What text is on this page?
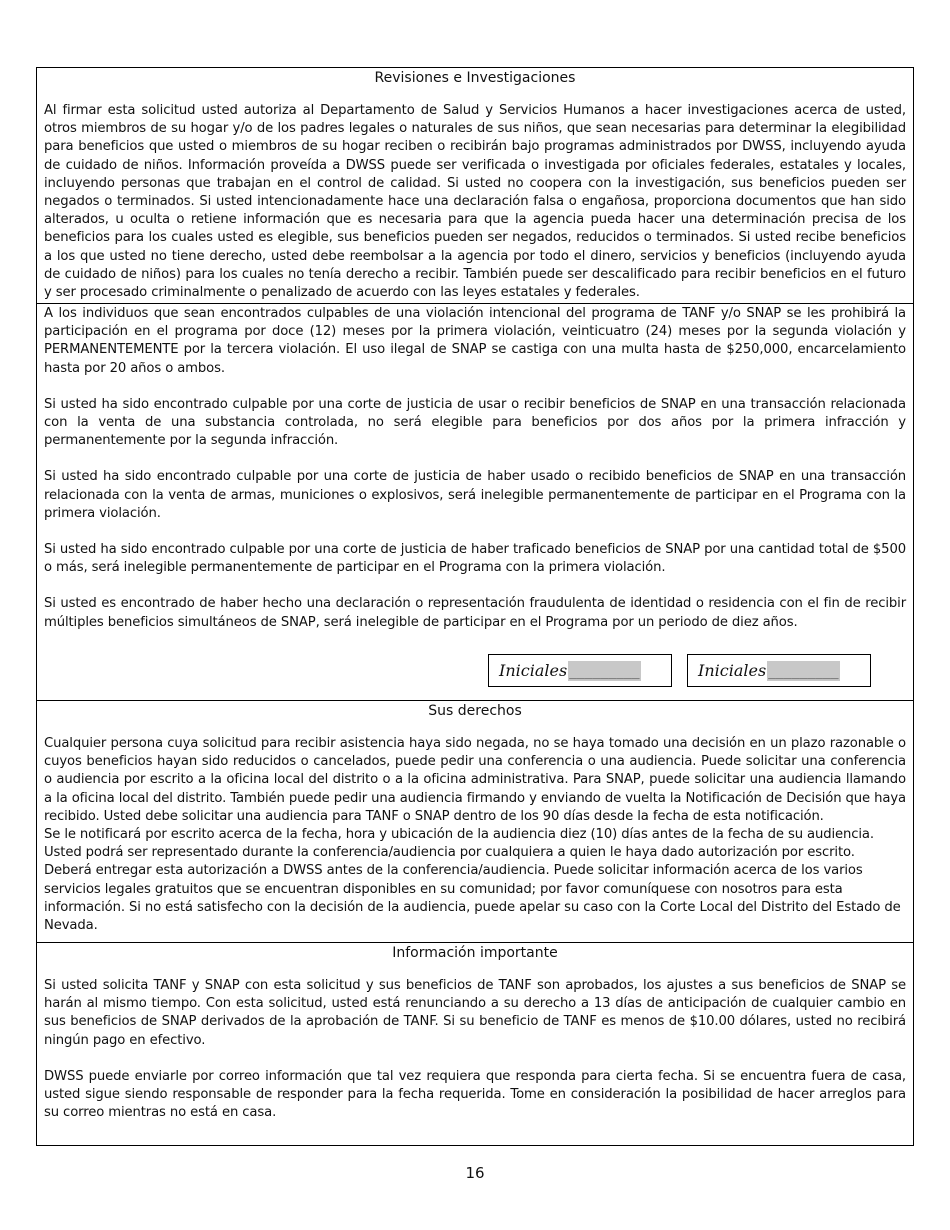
Revisiones e Investigaciones

Al firmar esta solicitud usted autoriza al Departamento de Salud y Servicios Humanos a hacer investigaciones acerca de usted, otros miembros de su hogar y/o de los padres legales o naturales de sus niños, que sean necesarias para determinar la elegibilidad para beneficios que usted o miembros de su hogar reciben o recibirán bajo programas administrados por DWSS, incluyendo ayuda de cuidado de niños. Información proveída a DWSS puede ser verificada o investigada por oficiales federales, estatales y locales, incluyendo personas que trabajan en el control de calidad. Si usted no coopera con la investigación, sus beneficios pueden ser negados o terminados. Si usted intencionadamente hace una declaración falsa o engañosa, proporciona documentos que han sido alterados, u oculta o retiene información que es necesaria para que la agencia pueda hacer una determinación precisa de los beneficios para los cuales usted es elegible, sus beneficios pueden ser negados, reducidos o terminados. Si usted recibe beneficios a los que usted no tiene derecho, usted debe reembolsar a la agencia por todo el dinero, servicios y beneficios (incluyendo ayuda de cuidado de niños) para los cuales no tenía derecho a recibir. También puede ser descalificado para recibir beneficios en el futuro y ser procesado criminalmente o penalizado de acuerdo con las leyes estatales y federales.

A los individuos que sean encontrados culpables de una violación intencional del programa de TANF y/o SNAP se les prohibirá la participación en el programa por doce (12) meses por la primera violación, veinticuatro (24) meses por la segunda violación y PERMANENTEMENTE por la tercera violación. El uso ilegal de SNAP se castiga con una multa hasta de $250,000, encarcelamiento hasta por 20 años o ambos.

Si usted ha sido encontrado culpable por una corte de justicia de usar o recibir beneficios de SNAP en una transacción relacionada con la venta de una substancia controlada, no será elegible para beneficios por dos años por la primera infracción y permanentemente por la segunda infracción.

Si usted ha sido encontrado culpable por una corte de justicia de haber usado o recibido beneficios de SNAP en una transacción relacionada con la venta de armas, municiones o explosivos, será inelegible permanentemente de participar en el Programa con la primera violación.

Si usted ha sido encontrado culpable por una corte de justicia de haber traficado beneficios de SNAP por una cantidad total de $500 o más, será inelegible permanentemente de participar en el Programa con la primera violación.

Si usted es encontrado de haber hecho una declaración o representación fraudulenta de identidad o residencia con el fin de recibir múltiples beneficios simultáneos de SNAP, será inelegible de participar en el Programa por un periodo de diez años.

Iniciales _________	Iniciales _________
Sus derechos

Cualquier persona cuya solicitud para recibir asistencia haya sido negada, no se haya tomado una decisión en un plazo razonable o cuyos beneficios hayan sido reducidos o cancelados, puede pedir una conferencia o una audiencia. Puede solicitar una conferencia o audiencia por escrito a la oficina local del distrito o a la oficina administrativa. Para SNAP, puede solicitar una audiencia llamando a la oficina local del distrito. También puede pedir una audiencia firmando y enviando de vuelta la Notificación de Decisión que haya recibido. Usted debe solicitar una audiencia para TANF o SNAP dentro de los 90 días desde la fecha de esta notificación.

Se le notificará por escrito acerca de la fecha, hora y ubicación de la audiencia diez (10) días antes de la fecha de su audiencia.

Usted podrá ser representado durante la conferencia/audiencia por cualquiera a quien le haya dado autorización por escrito. Deberá entregar esta autorización a DWSS antes de la conferencia/audiencia. Puede solicitar información acerca de los varios servicios legales gratuitos que se encuentran disponibles en su comunidad; por favor comuníquese con nosotros para esta información. Si no está satisfecho con la decisión de la audiencia, puede apelar su caso con la Corte Local del Distrito del Estado de Nevada.

Información importante

Si usted solicita TANF y SNAP con esta solicitud y sus beneficios de TANF son aprobados, los ajustes a sus beneficios de SNAP se harán al mismo tiempo. Con esta solicitud, usted está renunciando a su derecho a 13 días de anticipación de cualquier cambio en sus beneficios de SNAP derivados de la aprobación de TANF. Si su beneficio de TANF es menos de $10.00 dólares, usted no recibirá ningún pago en efectivo.

DWSS puede enviarle por correo información que tal vez requiera que responda para cierta fecha. Si se encuentra fuera de casa, usted sigue siendo responsable de responder para la fecha requerida. Tome en consideración la posibilidad de hacer arreglos para su correo mientras no está en casa.

16
